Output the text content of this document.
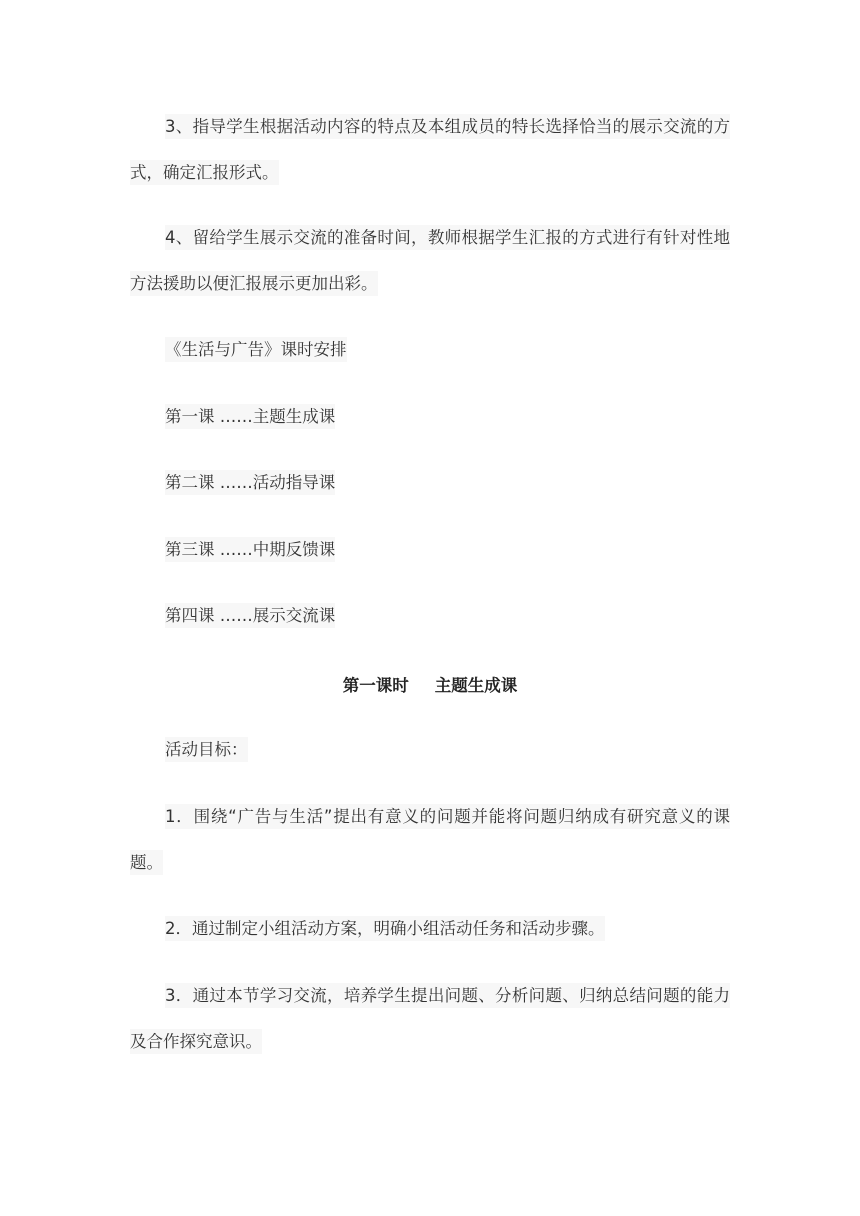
3、指导学生根据活动内容的特点及本组成员的特长选择恰当的展示交流的方式，确定汇报形式。

4、留给学生展示交流的准备时间，教师根据学生汇报的方式进行有针对性地方法援助以便汇报展示更加出彩。

《生活与广告》课时安排

第一课 ……主题生成课

第二课 ……活动指导课

第三课 ……中期反馈课

第四课 ……展示交流课

第一课时 主题生成课

活动目标：

1．围绕“广告与生活”提出有意义的问题并能将问题归纳成有研究意义的课题。

2．通过制定小组活动方案，明确小组活动任务和活动步骤。

3．通过本节学习交流，培养学生提出问题、分析问题、归纳总结问题的能力及合作探究意识。
